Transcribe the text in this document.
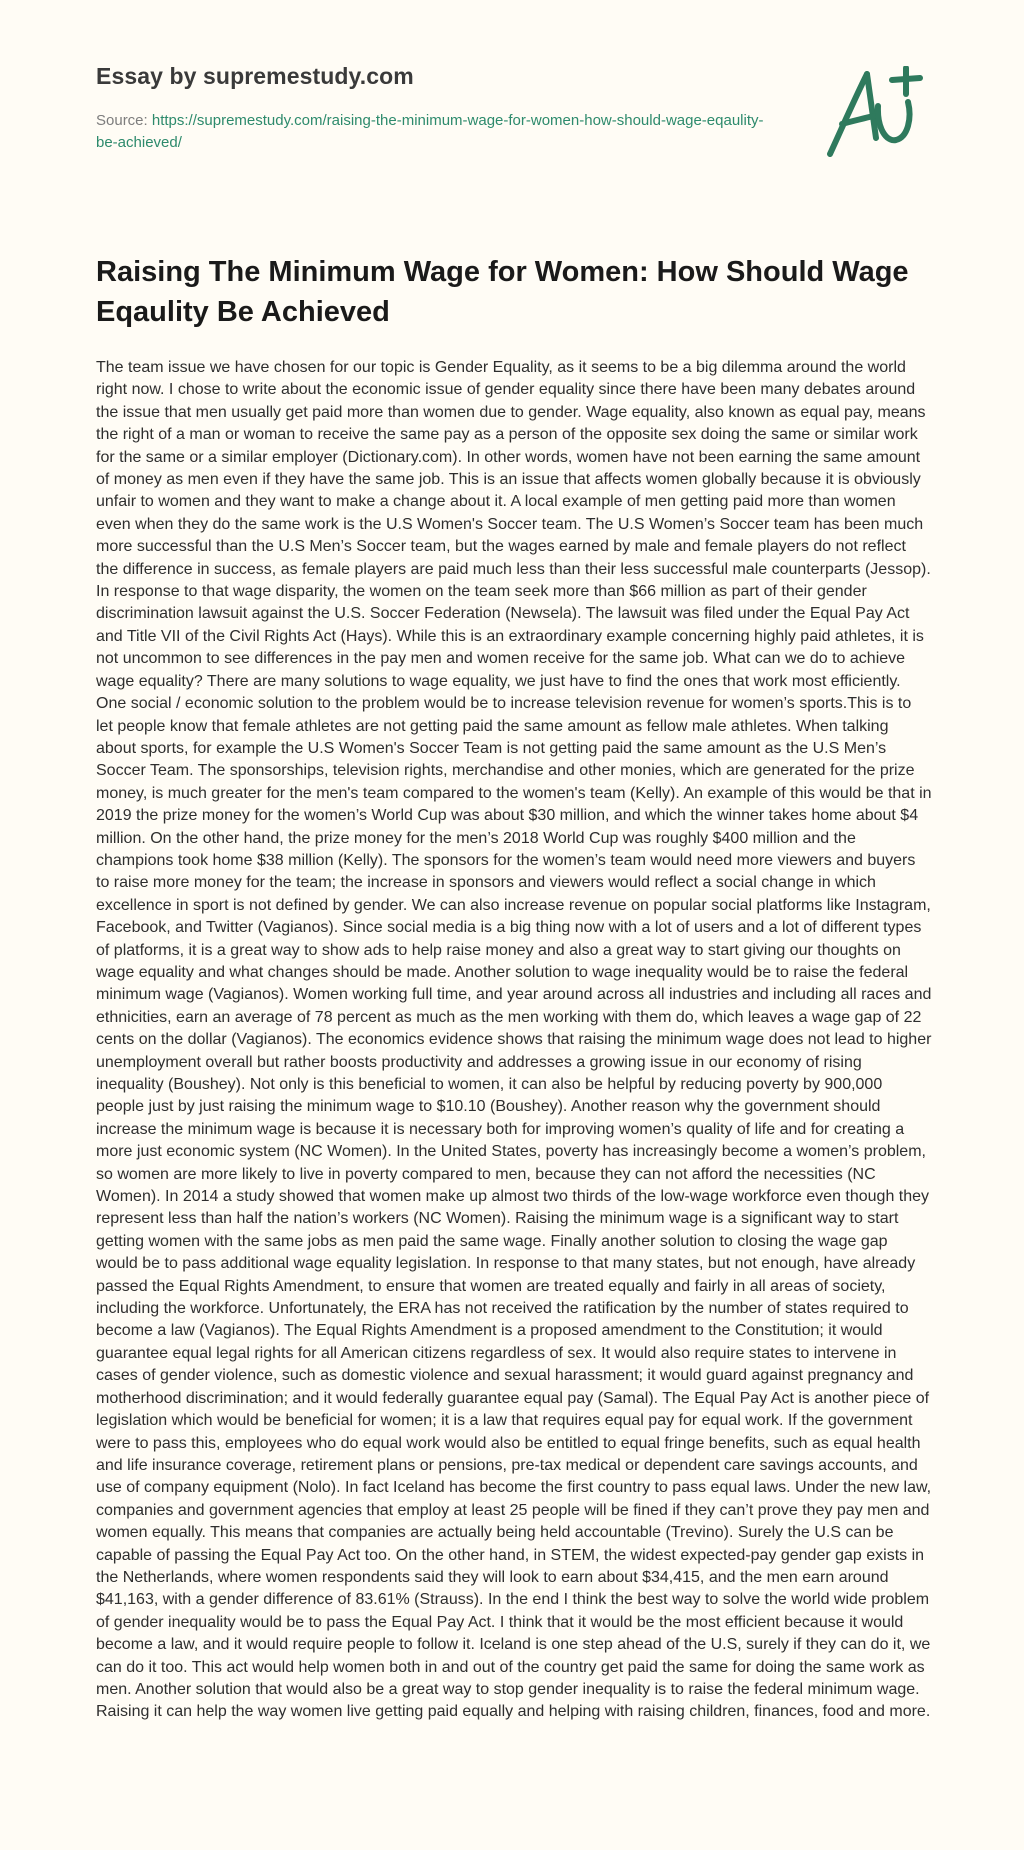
Essay by supremestudy.com
Source: https://supremestudy.com/raising-the-minimum-wage-for-women-how-should-wage-eqaulity-be-achieved/
Raising The Minimum Wage for Women: How Should Wage Eqaulity Be Achieved

The team issue we have chosen for our topic is Gender Equality, as it seems to be a big dilemma around the world right now. I chose to write about the economic issue of gender equality since there have been many debates around the issue that men usually get paid more than women due to gender. Wage equality, also known as equal pay, means the right of a man or woman to receive the same pay as a person of the opposite sex doing the same or similar work for the same or a similar employer (Dictionary.com). In other words, women have not been earning the same amount of money as men even if they have the same job. This is an issue that affects women globally because it is obviously unfair to women and they want to make a change about it. A local example of men getting paid more than women even when they do the same work is the U.S Women's Soccer team. The U.S Women’s Soccer team has been much more successful than the U.S Men’s Soccer team, but the wages earned by male and female players do not reflect the difference in success, as female players are paid much less than their less successful male counterparts (Jessop). In response to that wage disparity, the women on the team seek more than $66 million as part of their gender discrimination lawsuit against the U.S. Soccer Federation (Newsela). The lawsuit was filed under the Equal Pay Act and Title VII of the Civil Rights Act (Hays). While this is an extraordinary example concerning highly paid athletes, it is not uncommon to see differences in the pay men and women receive for the same job. What can we do to achieve wage equality? There are many solutions to wage equality, we just have to find the ones that work most efficiently. One social / economic solution to the problem would be to increase television revenue for women’s sports.This is to let people know that female athletes are not getting paid the same amount as fellow male athletes. When talking about sports, for example the U.S Women's Soccer Team is not getting paid the same amount as the U.S Men’s Soccer Team. The sponsorships, television rights, merchandise and other monies, which are generated for the prize money, is much greater for the men's team compared to the women's team (Kelly). An example of this would be that in 2019 the prize money for the women’s World Cup was about $30 million, and which the winner takes home about $4 million. On the other hand, the prize money for the men’s 2018 World Cup was roughly $400 million and the champions took home $38 million (Kelly). The sponsors for the women’s team would need more viewers and buyers to raise more money for the team; the increase in sponsors and viewers would reflect a social change in which excellence in sport is not defined by gender. We can also increase revenue on popular social platforms like Instagram, Facebook, and Twitter (Vagianos). Since social media is a big thing now with a lot of users and a lot of different types of platforms, it is a great way to show ads to help raise money and also a great way to start giving our thoughts on wage equality and what changes should be made. Another solution to wage inequality would be to raise the federal minimum wage (Vagianos). Women working full time, and year around across all industries and including all races and ethnicities, earn an average of 78 percent as much as the men working with them do, which leaves a wage gap of 22 cents on the dollar (Vagianos). The economics evidence shows that raising the minimum wage does not lead to higher unemployment overall but rather boosts productivity and addresses a growing issue in our economy of rising inequality (Boushey). Not only is this beneficial to women, it can also be helpful by reducing poverty by 900,000 people just by just raising the minimum wage to $10.10 (Boushey). Another reason why the government should increase the minimum wage is because it is necessary both for improving women’s quality of life and for creating a more just economic system (NC Women). In the United States, poverty has increasingly become a women’s problem, so women are more likely to live in poverty compared to men, because they can not afford the necessities (NC Women). In 2014 a study showed that women make up almost two thirds of the low-wage workforce even though they represent less than half the nation’s workers (NC Women). Raising the minimum wage is a significant way to start getting women with the same jobs as men paid the same wage. Finally another solution to closing the wage gap would be to pass additional wage equality legislation. In response to that many states, but not enough, have already passed the Equal Rights Amendment, to ensure that women are treated equally and fairly in all areas of society, including the workforce. Unfortunately, the ERA has not received the ratification by the number of states required to become a law (Vagianos). The Equal Rights Amendment is a proposed amendment to the Constitution; it would guarantee equal legal rights for all American citizens regardless of sex. It would also require states to intervene in cases of gender violence, such as domestic violence and sexual harassment; it would guard against pregnancy and motherhood discrimination; and it would federally guarantee equal pay (Samal). The Equal Pay Act is another piece of legislation which would be beneficial for women; it is a law that requires equal pay for equal work. If the government were to pass this, employees who do equal work would also be entitled to equal fringe benefits, such as equal health and life insurance coverage, retirement plans or pensions, pre-tax medical or dependent care savings accounts, and use of company equipment (Nolo). In fact Iceland has become the first country to pass equal laws. Under the new law, companies and government agencies that employ at least 25 people will be fined if they can’t prove they pay men and women equally. This means that companies are actually being held accountable (Trevino). Surely the U.S can be capable of passing the Equal Pay Act too. On the other hand, in STEM, the widest expected-pay gender gap exists in the Netherlands, where women respondents said they will look to earn about $34,415, and the men earn around $41,163, with a gender difference of 83.61% (Strauss). In the end I think the best way to solve the world wide problem of gender inequality would be to pass the Equal Pay Act. I think that it would be the most efficient because it would become a law, and it would require people to follow it. Iceland is one step ahead of the U.S, surely if they can do it, we can do it too. This act would help women both in and out of the country get paid the same for doing the same work as men. Another solution that would also be a great way to stop gender inequality is to raise the federal minimum wage. Raising it can help the way women live getting paid equally and helping with raising children, finances, food and more.
